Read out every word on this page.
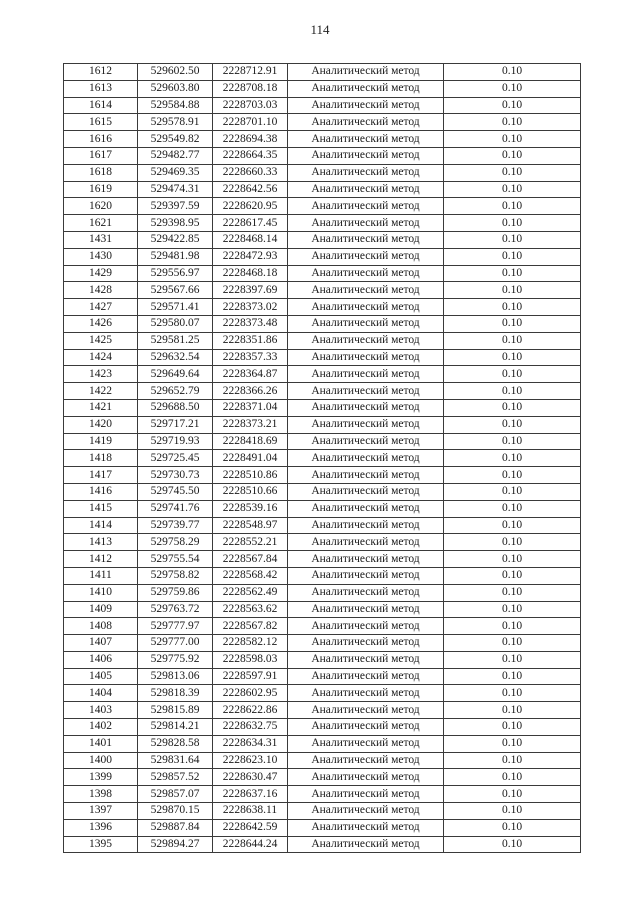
114
1612	529602.50	2228712.91	Аналитический метод	0.10
1613	529603.80	2228708.18	Аналитический метод	0.10
1614	529584.88	2228703.03	Аналитический метод	0.10
1615	529578.91	2228701.10	Аналитический метод	0.10
1616	529549.82	2228694.38	Аналитический метод	0.10
1617	529482.77	2228664.35	Аналитический метод	0.10
1618	529469.35	2228660.33	Аналитический метод	0.10
1619	529474.31	2228642.56	Аналитический метод	0.10
1620	529397.59	2228620.95	Аналитический метод	0.10
1621	529398.95	2228617.45	Аналитический метод	0.10
1431	529422.85	2228468.14	Аналитический метод	0.10
1430	529481.98	2228472.93	Аналитический метод	0.10
1429	529556.97	2228468.18	Аналитический метод	0.10
1428	529567.66	2228397.69	Аналитический метод	0.10
1427	529571.41	2228373.02	Аналитический метод	0.10
1426	529580.07	2228373.48	Аналитический метод	0.10
1425	529581.25	2228351.86	Аналитический метод	0.10
1424	529632.54	2228357.33	Аналитический метод	0.10
1423	529649.64	2228364.87	Аналитический метод	0.10
1422	529652.79	2228366.26	Аналитический метод	0.10
1421	529688.50	2228371.04	Аналитический метод	0.10
1420	529717.21	2228373.21	Аналитический метод	0.10
1419	529719.93	2228418.69	Аналитический метод	0.10
1418	529725.45	2228491.04	Аналитический метод	0.10
1417	529730.73	2228510.86	Аналитический метод	0.10
1416	529745.50	2228510.66	Аналитический метод	0.10
1415	529741.76	2228539.16	Аналитический метод	0.10
1414	529739.77	2228548.97	Аналитический метод	0.10
1413	529758.29	2228552.21	Аналитический метод	0.10
1412	529755.54	2228567.84	Аналитический метод	0.10
1411	529758.82	2228568.42	Аналитический метод	0.10
1410	529759.86	2228562.49	Аналитический метод	0.10
1409	529763.72	2228563.62	Аналитический метод	0.10
1408	529777.97	2228567.82	Аналитический метод	0.10
1407	529777.00	2228582.12	Аналитический метод	0.10
1406	529775.92	2228598.03	Аналитический метод	0.10
1405	529813.06	2228597.91	Аналитический метод	0.10
1404	529818.39	2228602.95	Аналитический метод	0.10
1403	529815.89	2228622.86	Аналитический метод	0.10
1402	529814.21	2228632.75	Аналитический метод	0.10
1401	529828.58	2228634.31	Аналитический метод	0.10
1400	529831.64	2228623.10	Аналитический метод	0.10
1399	529857.52	2228630.47	Аналитический метод	0.10
1398	529857.07	2228637.16	Аналитический метод	0.10
1397	529870.15	2228638.11	Аналитический метод	0.10
1396	529887.84	2228642.59	Аналитический метод	0.10
1395	529894.27	2228644.24	Аналитический метод	0.10
